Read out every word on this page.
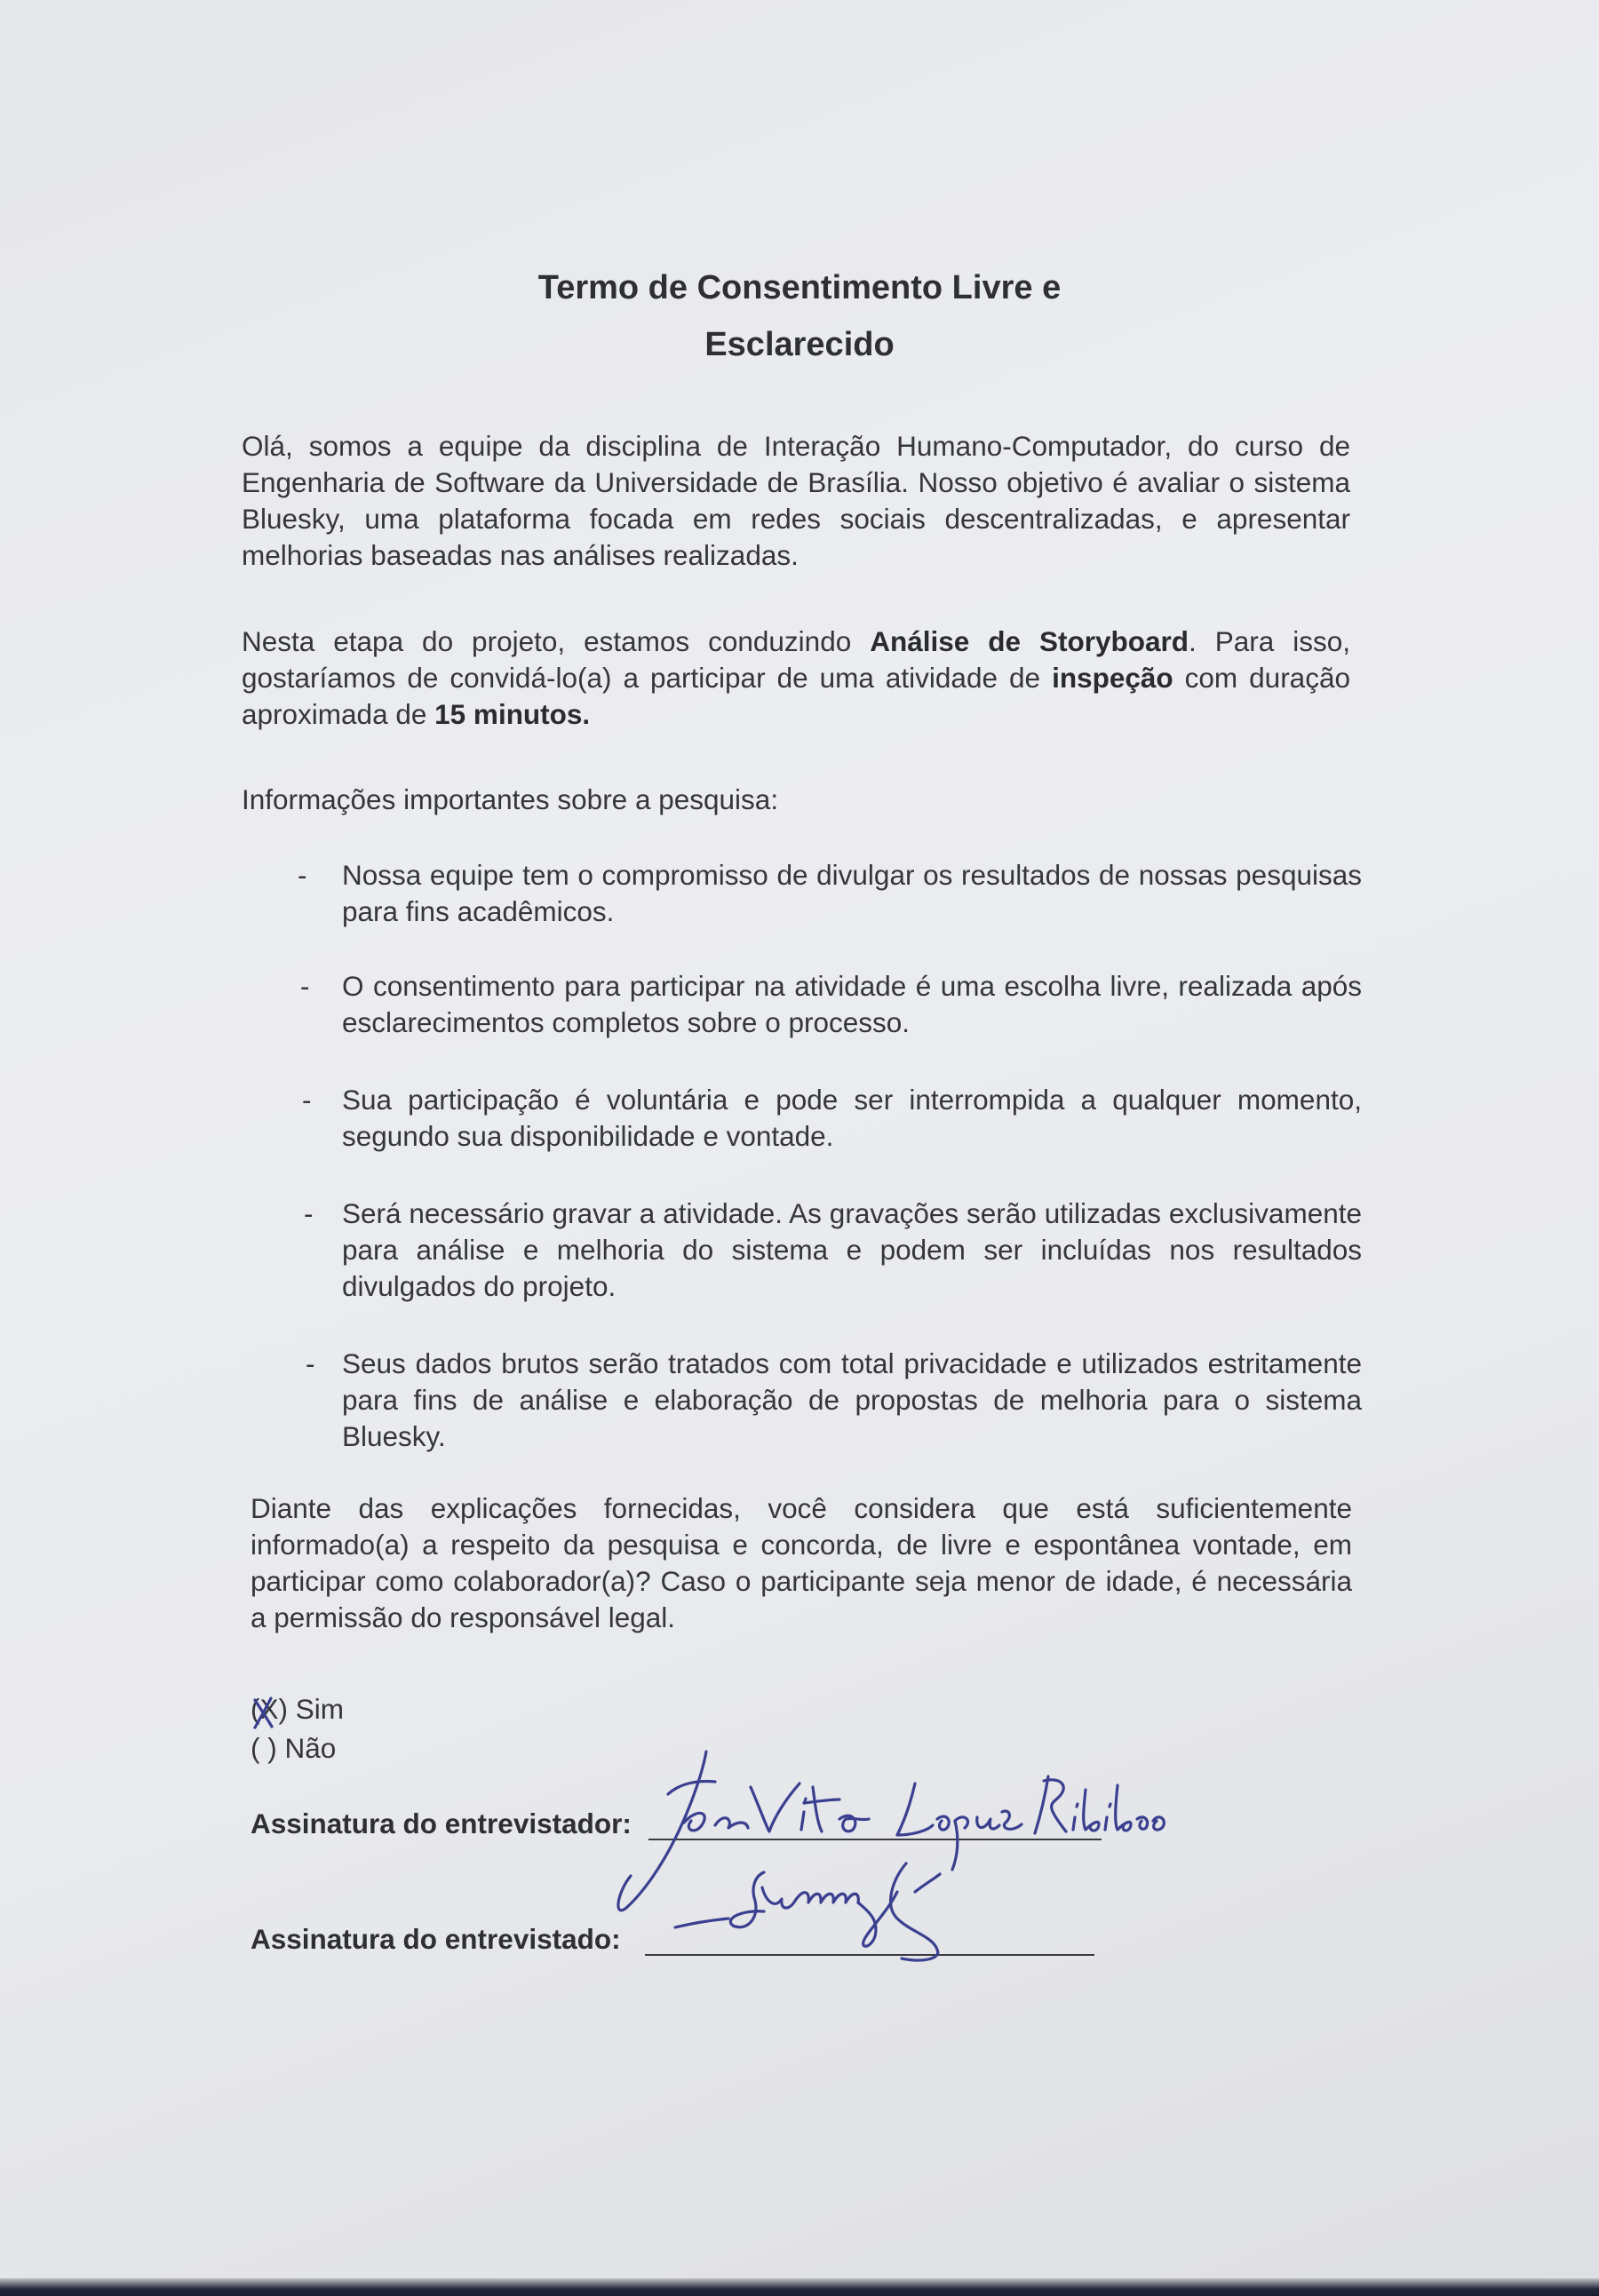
Termo de Consentimento Livre e
Esclarecido
Olá, somos a equipe da disciplina de Interação Humano-Computador, do curso de Engenharia de Software da Universidade de Brasília. Nosso objetivo é avaliar o sistema Bluesky, uma plataforma focada em redes sociais descentralizadas, e apresentar melhorias baseadas nas análises realizadas.
Nesta etapa do projeto, estamos conduzindo Análise de Storyboard. Para isso, gostaríamos de convidá-lo(a) a participar de uma atividade de inspeção com duração aproximada de 15 minutos.
Informações importantes sobre a pesquisa:
- Nossa equipe tem o compromisso de divulgar os resultados de nossas pesquisas para fins acadêmicos.
- O consentimento para participar na atividade é uma escolha livre, realizada após esclarecimentos completos sobre o processo.
- Sua participação é voluntária e pode ser interrompida a qualquer momento, segundo sua disponibilidade e vontade.
- Será necessário gravar a atividade. As gravações serão utilizadas exclusivamente para análise e melhoria do sistema e podem ser incluídas nos resultados divulgados do projeto.
- Seus dados brutos serão tratados com total privacidade e utilizados estritamente para fins de análise e elaboração de propostas de melhoria para o sistema Bluesky.
Diante das explicações fornecidas, você considera que está suficientemente informado(a) a respeito da pesquisa e concorda, de livre e espontânea vontade, em participar como colaborador(a)? Caso o participante seja menor de idade, é necessária a permissão do responsável legal.
(X) Sim
( ) Não
Assinatura do entrevistador:
Assinatura do entrevistado:
